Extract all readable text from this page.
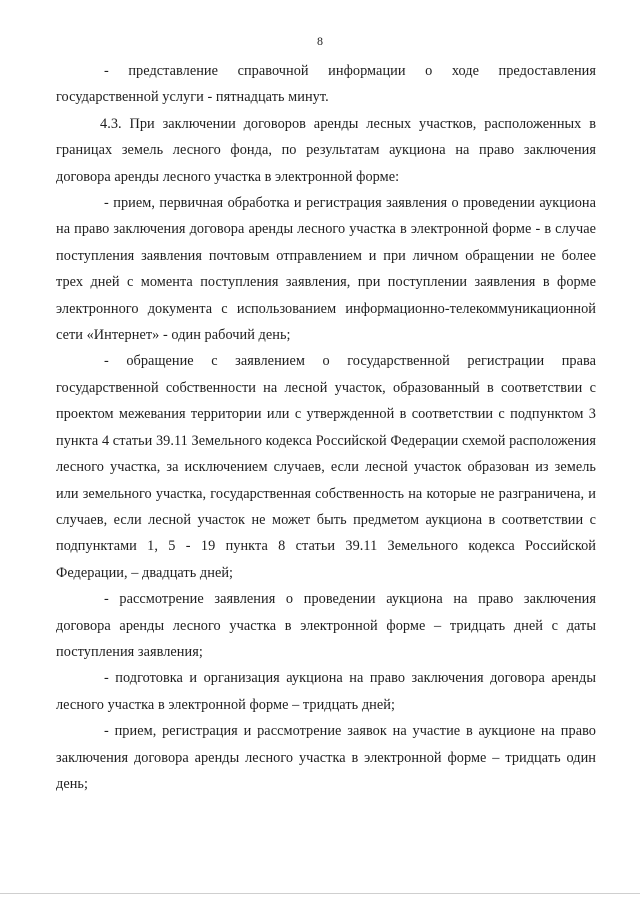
8

- представление справочной информации о ходе предоставления государственной услуги - пятнадцать минут.

4.3. При заключении договоров аренды лесных участков, расположенных в границах земель лесного фонда, по результатам аукциона на право заключения договора аренды лесного участка в электронной форме:

- прием, первичная обработка и регистрация заявления о проведении аукциона на право заключения договора аренды лесного участка в электронной форме - в случае поступления заявления почтовым отправлением и при личном обращении не более трех дней с момента поступления заявления, при поступлении заявления в форме электронного документа с использованием информационно-телекоммуникационной сети «Интернет» - один рабочий день;

- обращение с заявлением о государственной регистрации права государственной собственности на лесной участок, образованный в соответствии с проектом межевания территории или с утвержденной в соответствии с подпунктом 3 пункта 4 статьи 39.11 Земельного кодекса Российской Федерации схемой расположения лесного участка, за исключением случаев, если лесной участок образован из земель или земельного участка, государственная собственность на которые не разграничена, и случаев, если лесной участок не может быть предметом аукциона в соответствии с подпунктами 1, 5 - 19 пункта 8 статьи 39.11 Земельного кодекса Российской Федерации, – двадцать дней;

- рассмотрение заявления о проведении аукциона на право заключения договора аренды лесного участка в электронной форме – тридцать дней с даты поступления заявления;

- подготовка и организация аукциона на право заключения договора аренды лесного участка в электронной форме – тридцать дней;

- прием, регистрация и рассмотрение заявок на участие в аукционе на право заключения договора аренды лесного участка в электронной форме – тридцать один день;
